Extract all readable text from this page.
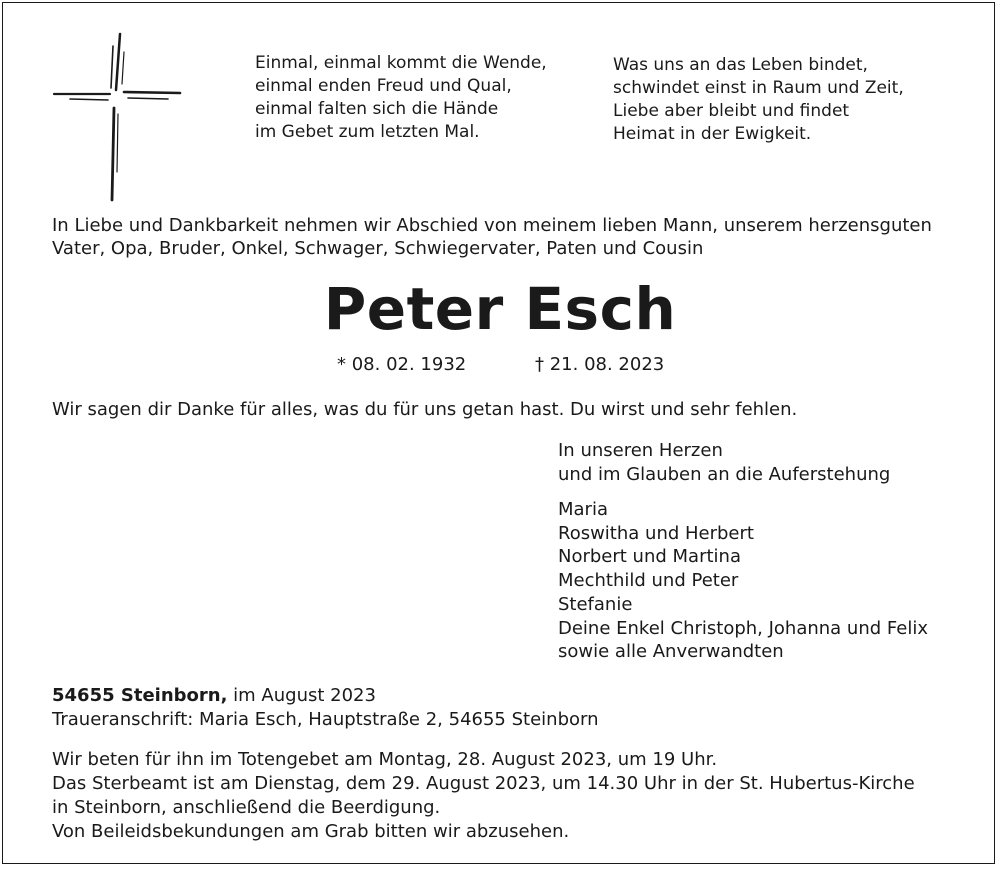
Einmal, einmal kommt die Wende,
einmal enden Freud und Qual,
einmal falten sich die Hände
im Gebet zum letzten Mal.
Was uns an das Leben bindet,
schwindet einst in Raum und Zeit,
Liebe aber bleibt und findet
Heimat in der Ewigkeit.
In Liebe und Dankbarkeit nehmen wir Abschied von meinem lieben Mann, unserem herzensguten
Vater, Opa, Bruder, Onkel, Schwager, Schwiegervater, Paten und Cousin
Peter Esch
* 08. 02. 1932	† 21. 08. 2023
Wir sagen dir Danke für alles, was du für uns getan hast. Du wirst und sehr fehlen.
In unseren Herzen
und im Glauben an die Auferstehung
Maria
Roswitha und Herbert
Norbert und Martina
Mechthild und Peter
Stefanie
Deine Enkel Christoph, Johanna und Felix
sowie alle Anverwandten
54655 Steinborn, im August 2023
Traueranschrift: Maria Esch, Hauptstraße 2, 54655 Steinborn
Wir beten für ihn im Totengebet am Montag, 28. August 2023, um 19 Uhr.
Das Sterbeamt ist am Dienstag, dem 29. August 2023, um 14.30 Uhr in der St. Hubertus-Kirche
in Steinborn, anschließend die Beerdigung.
Von Beileidsbekundungen am Grab bitten wir abzusehen.
